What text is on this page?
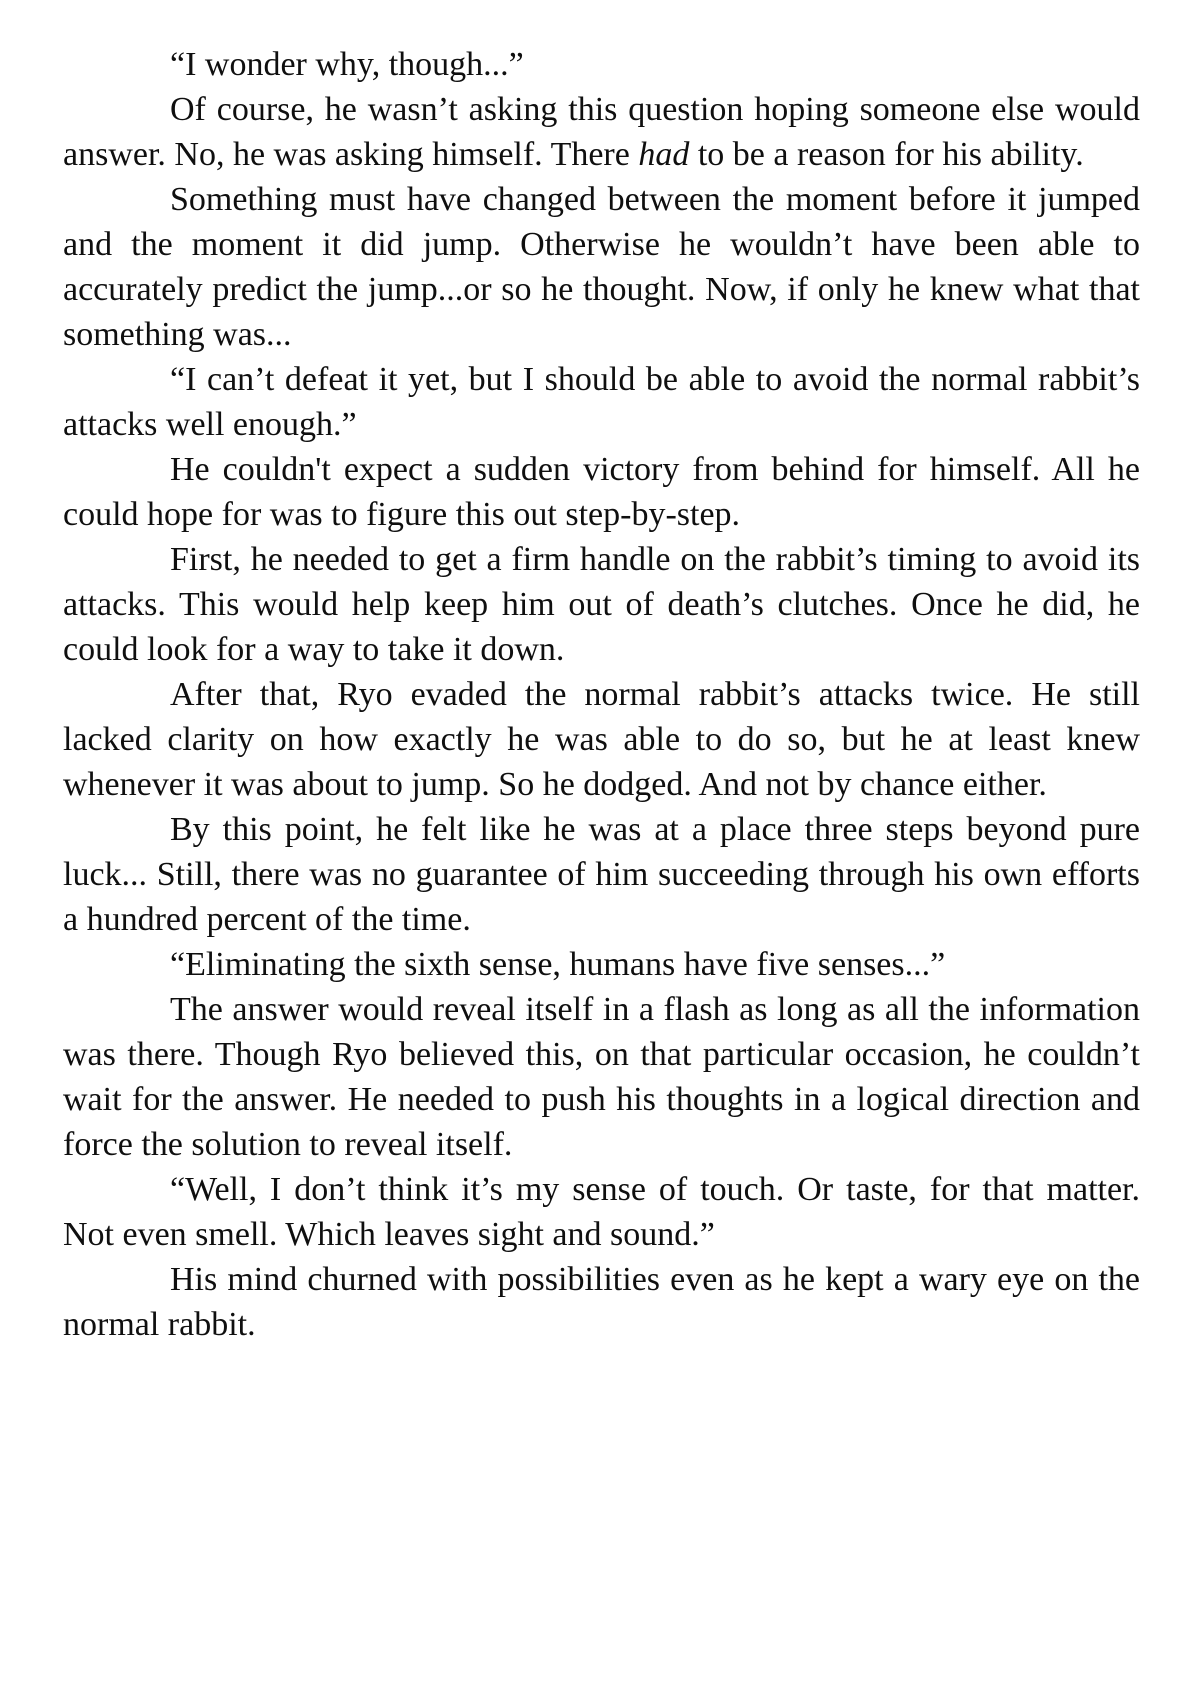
“I wonder why, though...”

Of course, he wasn’t asking this question hoping someone else would answer. No, he was asking himself. There had to be a reason for his ability.

Something must have changed between the moment before it jumped and the moment it did jump. Otherwise he wouldn’t have been able to accurately predict the jump...or so he thought. Now, if only he knew what that something was...

“I can’t defeat it yet, but I should be able to avoid the normal rabbit’s attacks well enough.”

He couldn't expect a sudden victory from behind for himself. All he could hope for was to figure this out step-by-step.

First, he needed to get a firm handle on the rabbit’s timing to avoid its attacks. This would help keep him out of death’s clutches. Once he did, he could look for a way to take it down.

After that, Ryo evaded the normal rabbit’s attacks twice. He still lacked clarity on how exactly he was able to do so, but he at least knew whenever it was about to jump. So he dodged. And not by chance either.

By this point, he felt like he was at a place three steps beyond pure luck... Still, there was no guarantee of him succeeding through his own efforts a hundred percent of the time.

“Eliminating the sixth sense, humans have five senses...”

The answer would reveal itself in a flash as long as all the information was there. Though Ryo believed this, on that particular occasion, he couldn’t wait for the answer. He needed to push his thoughts in a logical direction and force the solution to reveal itself.

“Well, I don’t think it’s my sense of touch. Or taste, for that matter. Not even smell. Which leaves sight and sound.”

His mind churned with possibilities even as he kept a wary eye on the normal rabbit.
